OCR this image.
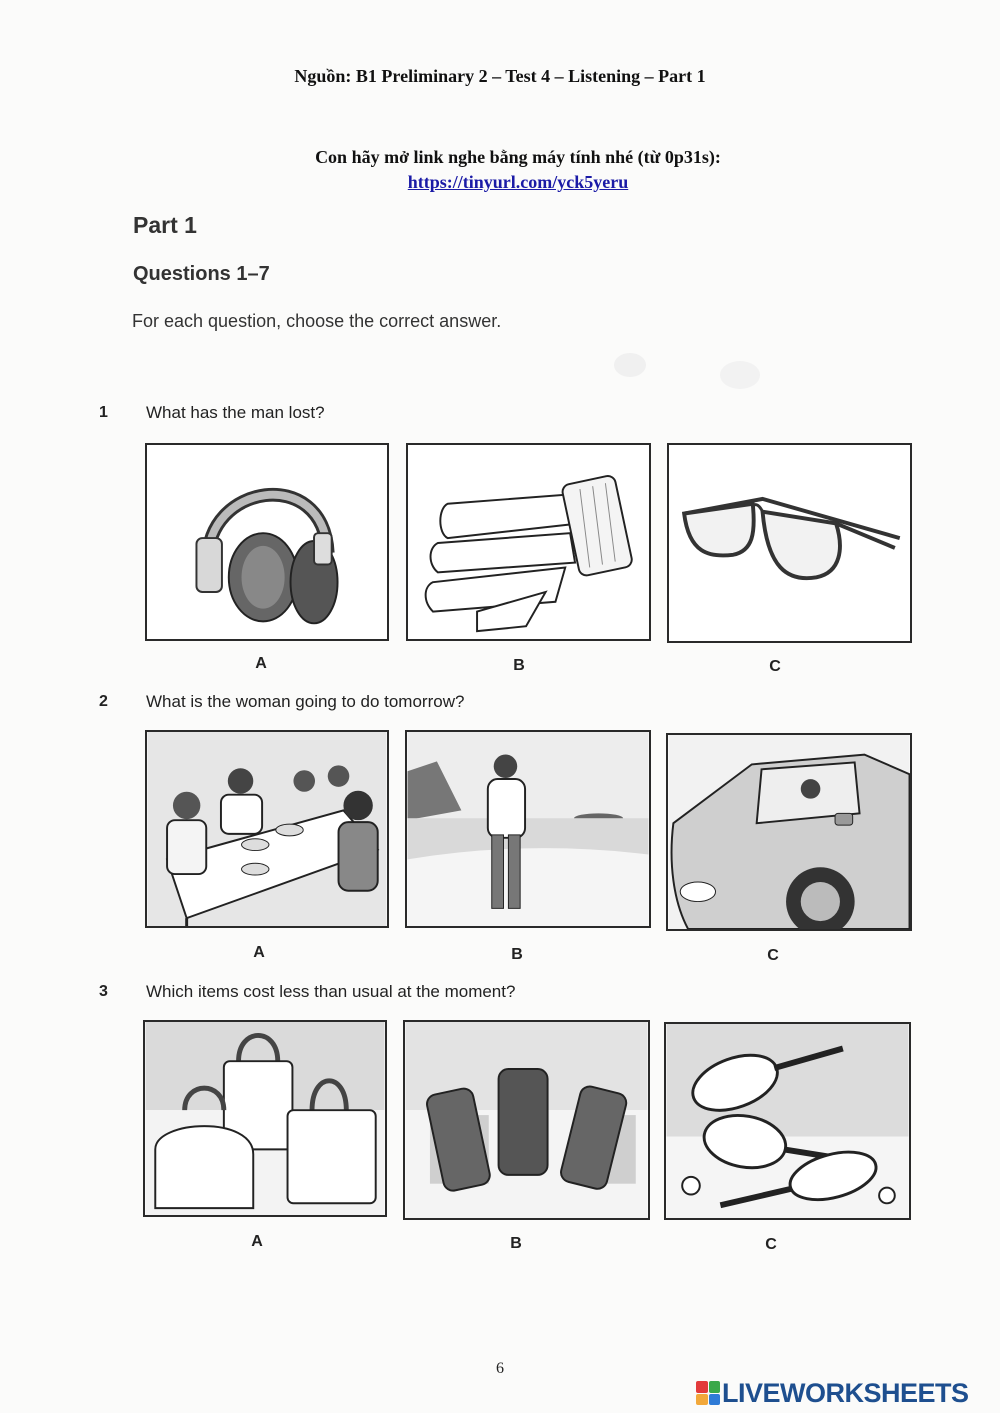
Nguồn: B1 Preliminary 2 – Test 4 – Listening – Part 1
Con hãy mở link nghe bằng máy tính nhé (từ 0p31s):
https://tinyurl.com/yck5yeru
Part 1
Questions 1–7
For each question, choose the correct answer.
1 What has the man lost?
A	B	C
2 What is the woman going to do tomorrow?
A	B	C
3 Which items cost less than usual at the moment?
A	B	C
6
LIVEWORKSHEETS
